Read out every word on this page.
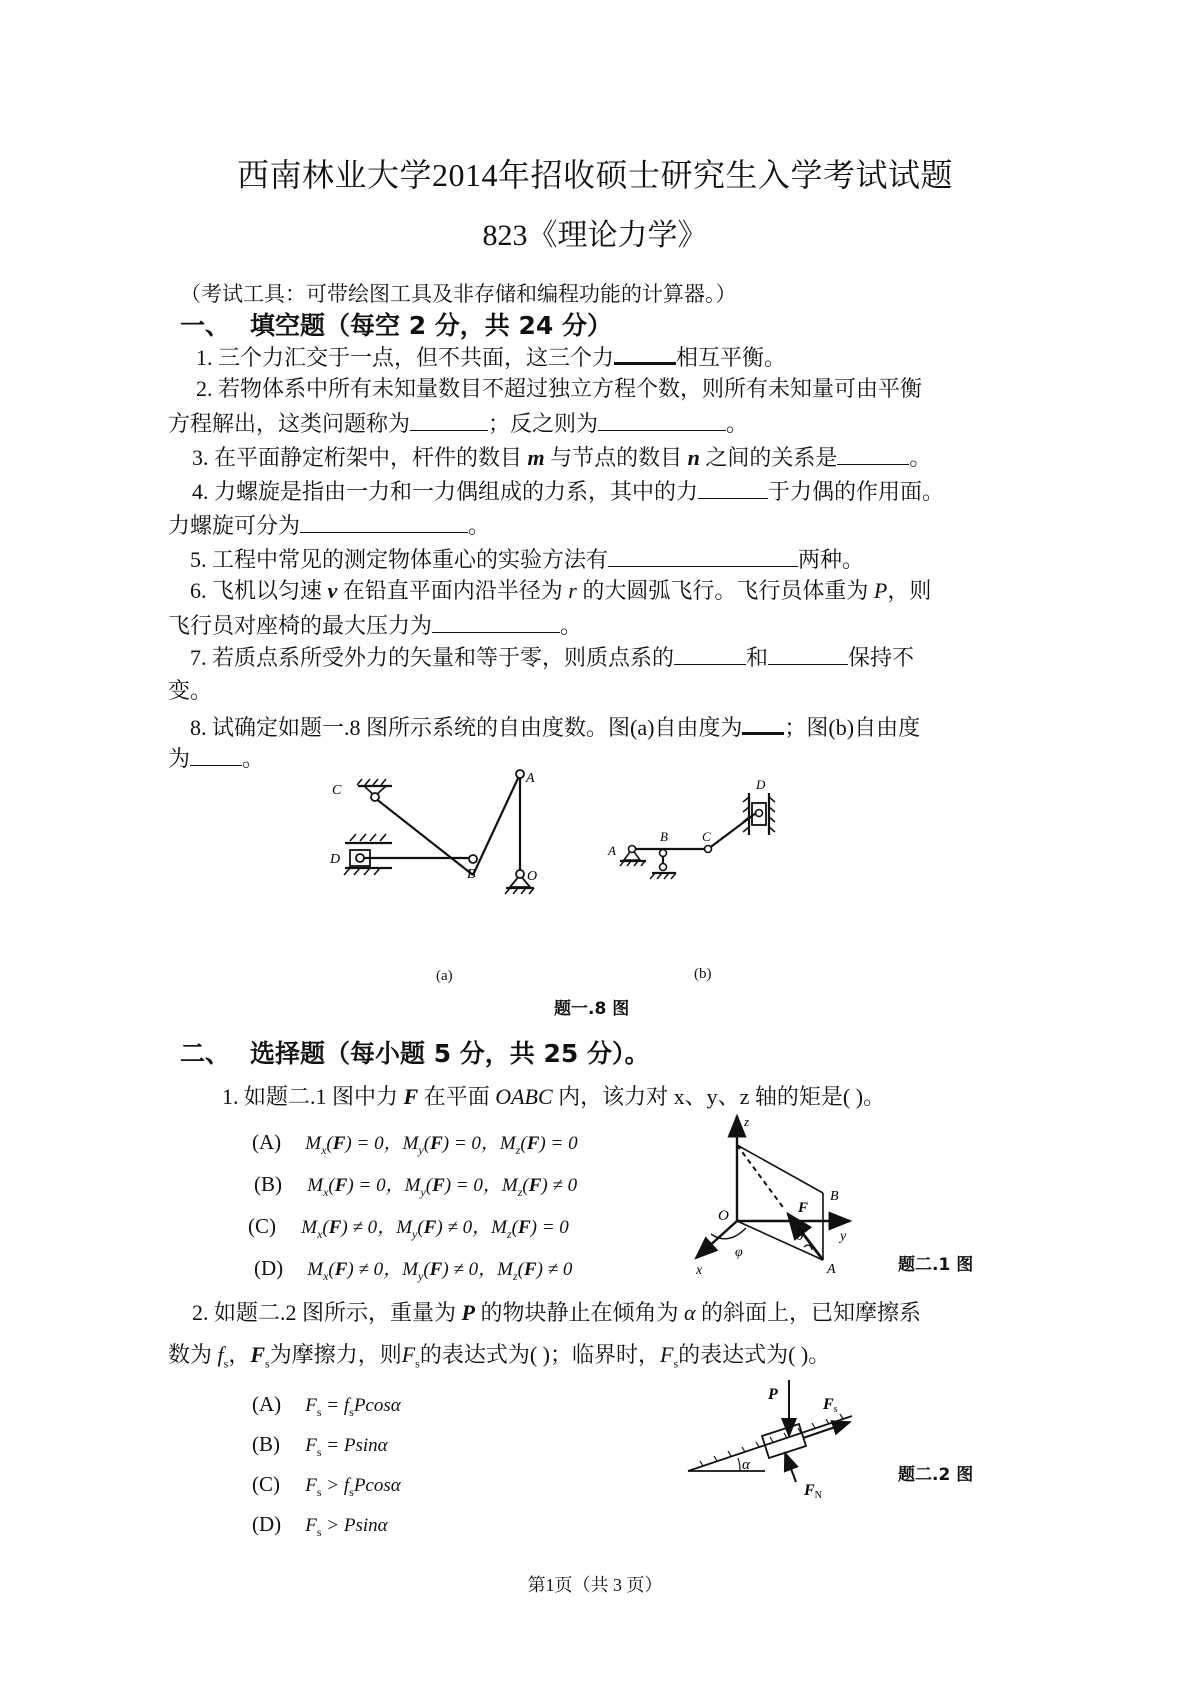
西南林业大学2014年招收硕士研究生入学考试试题
823《理论力学》
（考试工具：可带绘图工具及非存储和编程功能的计算器。）
一、 填空题（每空 2 分，共 24 分）
1. 三个力汇交于一点，但不共面，这三个力	相互平衡。
2. 若物体系中所有未知量数目不超过独立方程个数，则所有未知量可由平衡
方程解出，这类问题称为	；反之则为	。
3. 在平面静定桁架中，杆件的数目 m 与节点的数目 n 之间的关系是	。
4. 力螺旋是指由一力和一力偶组成的力系，其中的力	于力偶的作用面。
力螺旋可分为	。
5. 工程中常见的测定物体重心的实验方法有	两种。
6. 飞机以匀速 v 在铅直平面内沿半径为 r 的大圆弧飞行。飞行员体重为 P，则
飞行员对座椅的最大压力为	。
7. 若质点系所受外力的矢量和等于零，则质点系的	和	保持不
变。
8. 试确定如题一.8 图所示系统的自由度数。图(a)自由度为 ；图(b)自由度
为 。
C
A
D
B	O
(a)
A
B	C
D
(b)
题一.8 图
二、 选择题（每小题 5 分，共 25 分）。
1. 如题二.1 图中力 F 在平面 OABC 内，该力对 x、y、z 轴的矩是( )。
(A) $M_x(F) = 0$，$M_y(F) = 0$，$M_z(F) = 0$
(B) $M_x(F) = 0$，$M_y(F) = 0$，$M_z(F) \ne 0$
(C) $M_x(F) \ne 0$，$M_y(F) \ne 0$，$M_z(F) = 0$
(D) $M_x(F) \ne 0$，$M_y(F) \ne 0$，$M_z(F) \ne 0$
z
O
y
x	A
B
F
θ
φ
题二.1 图
2. 如题二.2 图所示，重量为 P 的物块静止在倾角为 α 的斜面上，已知摩擦系
数为 $f_s$，$F_s$为摩擦力，则$F_s$的表达式为( )；临界时，$F_s$的表达式为( )。
(A) $F_s = f_sPcos\alpha$
(B) $F_s = Psin\alpha$
(C) $F_s > f_sPcos\alpha$
(D) $F_s > Psin\alpha$
P
Fs
FN
α	题二.2 图
第1页（共 3 页）
